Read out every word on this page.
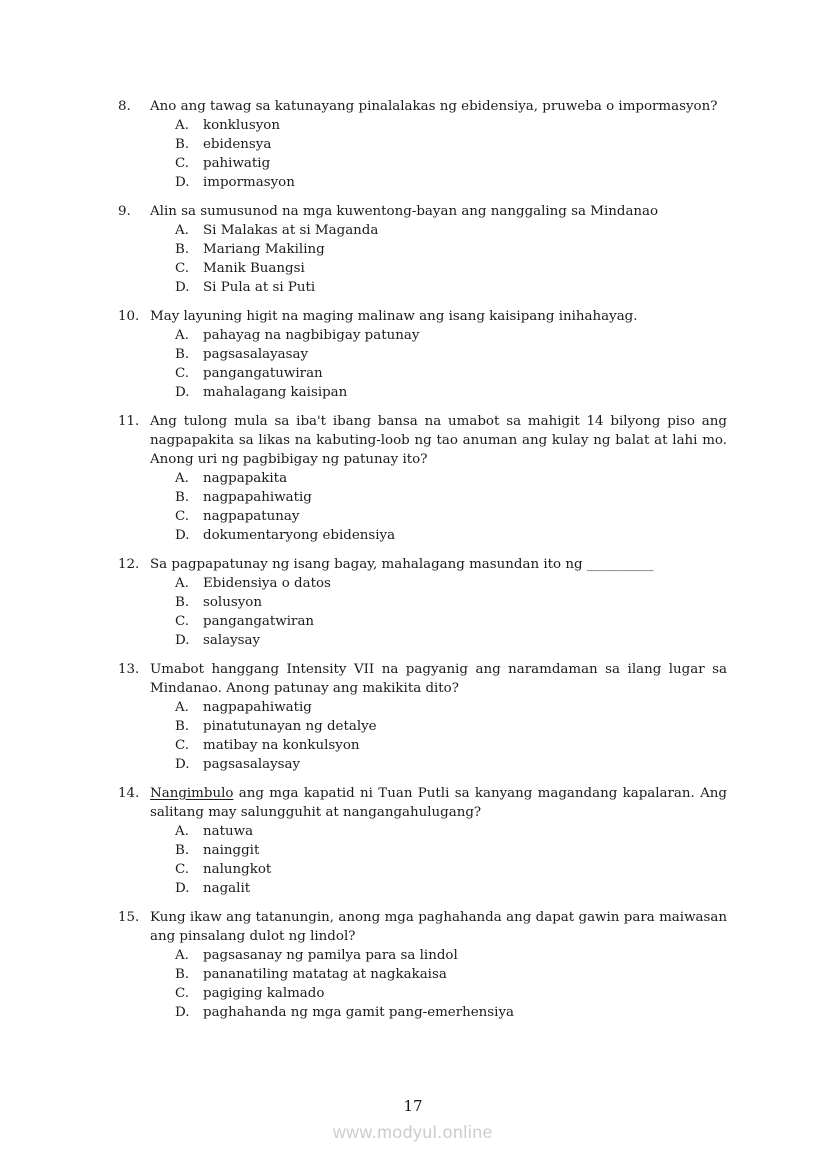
8. Ano ang tawag sa katunayang pinalalakas ng ebidensiya, pruweba o impormasyon?

A. konklusyon
B. ebidensya
C. pahiwatig
D. impormasyon
9. Alin sa sumusunod na mga kuwentong-bayan ang nanggaling sa Mindanao

A. Si Malakas at si Maganda
B. Mariang Makiling
C. Manik Buangsi
D. Si Pula at si Puti
10. May layuning higit na maging malinaw ang isang kaisipang inihahayag.

A. pahayag na nagbibigay patunay
B. pagsasalayasay
C. pangangatuwiran
D. mahalagang kaisipan
11. Ang tulong mula sa iba't ibang bansa na umabot sa mahigit 14 bilyong piso ang nagpapakita sa likas na kabuting-loob ng tao anuman ang kulay ng balat at lahi mo. Anong uri ng pagbibigay ng patunay ito?

A. nagpapakita
B. nagpapahiwatig
C. nagpapatunay
D. dokumentaryong ebidensiya
12. Sa pagpapatunay ng isang bagay, mahalagang masundan ito ng __________

A. Ebidensiya o datos
B. solusyon
C. pangangatwiran
D. salaysay
13. Umabot hanggang Intensity VII na pagyanig ang naramdaman sa ilang lugar sa Mindanao. Anong patunay ang makikita dito?

A. nagpapahiwatig
B. pinatutunayan ng detalye
C. matibay na konkulsyon
D. pagsasalaysay
14. Nangimbulo ang mga kapatid ni Tuan Putli sa kanyang magandang kapalaran. Ang salitang may salungguhit at nangangahulugang?

A. natuwa
B. nainggit
C. nalungkot
D. nagalit
15. Kung ikaw ang tatanungin, anong mga paghahanda ang dapat gawin para maiwasan ang pinsalang dulot ng lindol?

A. pagsasanay ng pamilya para sa lindol
B. pananatiling matatag at nagkakaisa
C. pagiging kalmado
D. paghahanda ng mga gamit pang-emerhensiya
17
www.modyul.online
